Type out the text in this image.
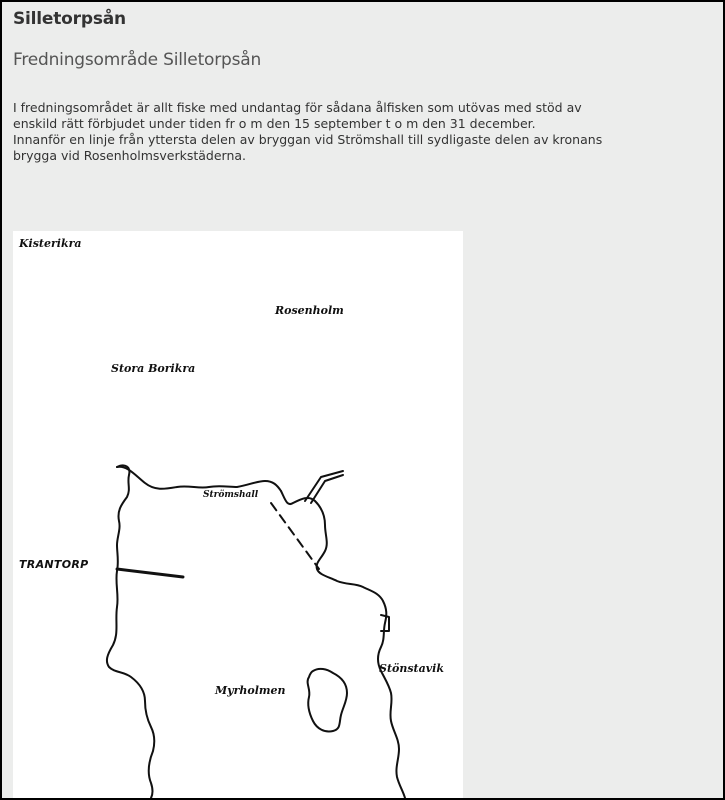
Silletorpsån
Fredningsområde Silletorpsån

I fredningsområdet är allt fiske med undantag för sådana ålfisken som utövas med stöd av
enskild rätt förbjudet under tiden fr o m den 15 september t o m den 31 december.
Innanför en linje från yttersta delen av bryggan vid Strömshall till sydligaste delen av kronans
brygga vid Rosenholmsverkstäderna.

Kisterikra
Rosenholm
Stora Borikra
Strömshall
TRANTORP
Stönstavik
Myrholmen
